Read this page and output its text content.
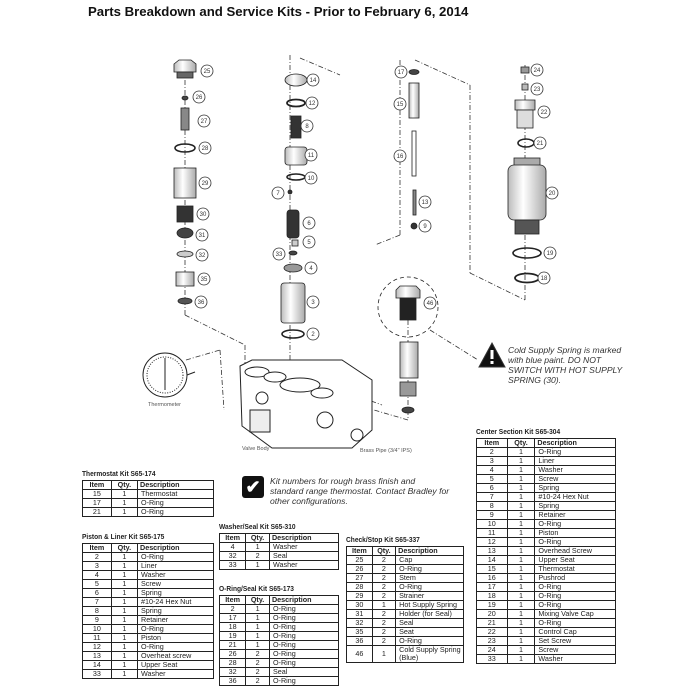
Parts Breakdown and Service Kits - Prior to February 6, 2014
25
26
27
28
29
30
31
32
35
36
14
12
8
11
10
7
6
5
33
4
3
2
17
15
16
13
9
24
23
22
21
20
19
18
46
Thermometer
Valve Body	Brass Pipe (3/4" IPS)
✔	Kit numbers for rough brass finish and standard range thermostat. Contact Bradley for other configurations.
Cold Supply Spring is marked with blue paint. DO NOT SWITCH WITH HOT SUPPLY SPRING (30).
Thermostat Kit S65-174
Item	Qty.	Description
15	1	Thermostat
17	1	O-Ring
21	1	O-Ring
Piston & Liner Kit S65-175
Item	Qty.	Description
2	1	O-Ring
3	1	Liner
4	1	Washer
5	1	Screw
6	1	Spring
7	1	#10-24 Hex Nut
8	1	Spring
9	1	Retainer
10	1	O-Ring
11	1	Piston
12	1	O-Ring
13	1	Overheat screw
14	1	Upper Seat
33	1	Washer
Washer/Seal Kit S65-310
Item	Qty.	Description
4	1	Washer
32	2	Seal
33	1	Washer
O-Ring/Seal Kit S65-173
Item	Qty.	Description
2	1	O-Ring
17	1	O-Ring
18	1	O-Ring
19	1	O-Ring
21	1	O-Ring
26	2	O-Ring
28	2	O-Ring
32	2	Seal
36	2	O-Ring
Check/Stop Kit S65-337
Item	Qty.	Description
25	2	Cap
26	2	O-Ring
27	2	Stem
28	2	O-Ring
29	2	Strainer
30	1	Hot Supply Spring
31	2	Holder (for Seal)
32	2	Seal
35	2	Seat
36	2	O-Ring
46	1	Cold Supply Spring (Blue)
Center Section Kit S65-304
Item	Qty.	Description
2	1	O-Ring
3	1	Liner
4	1	Washer
5	1	Screw
6	1	Spring
7	1	#10-24 Hex Nut
8	1	Spring
9	1	Retainer
10	1	O-Ring
11	1	Piston
12	1	O-Ring
13	1	Overhead Screw
14	1	Upper Seat
15	1	Thermostat
16	1	Pushrod
17	1	O-Ring
18	1	O-Ring
19	1	O-Ring
20	1	Mixing Valve Cap
21	1	O-Ring
22	1	Control Cap
23	1	Set Screw
24	1	Screw
33	1	Washer
